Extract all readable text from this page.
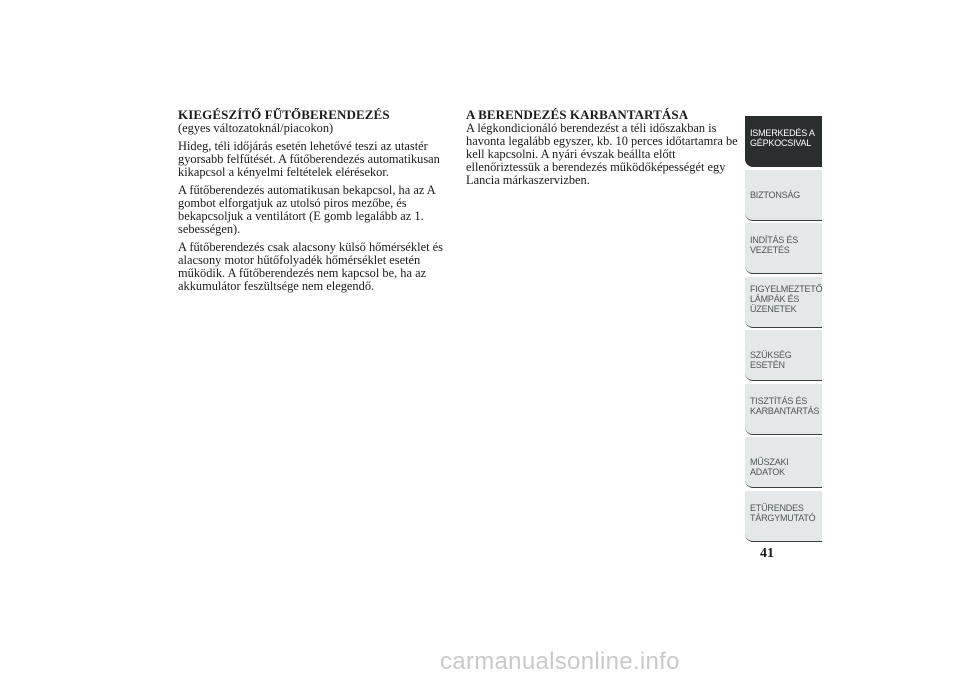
KIEGÉSZÍTŐ FŰTŐBERENDEZÉS
(egyes változatoknál/piacokon)

Hideg, téli időjárás esetén lehetővé teszi az utastér gyorsabb felfűtését. A fűtőberendezés automatikusan kikapcsol a kényelmi feltételek elérésekor.

A fűtőberendezés automatikusan bekapcsol, ha az A gombot elforgatjuk az utolsó piros mezőbe, és bekapcsoljuk a ventilátort (E gomb legalább az 1. sebességen).

A fűtőberendezés csak alacsony külső hőmérséklet és alacsony motor hűtőfolyadék hőmérséklet esetén működik. A fűtőberendezés nem kapcsol be, ha az akkumulátor feszültsége nem elegendő.

A BERENDEZÉS KARBANTARTÁSA

A légkondicionáló berendezést a téli időszakban is havonta legalább egyszer, kb. 10 perces időtartamra be kell kapcsolni. A nyári évszak beállta előtt ellenőriztessük a berendezés működőképességét egy Lancia márkaszervizben.

ISMERKEDÉS A
GÉPKOCSIVAL
BIZTONSÁG
INDÍTÁS ÉS
VEZETÉS
FIGYELMEZTETŐ
LÁMPÁK ÉS
ÜZENETEK
SZÜKSÉG ESETÉN
TISZTÍTÁS ÉS
KARBANTARTÁS
MŰSZAKI ADATOK
ETŰRENDES
TÁRGYMUTATÓ
41
carmanualsonline.info
